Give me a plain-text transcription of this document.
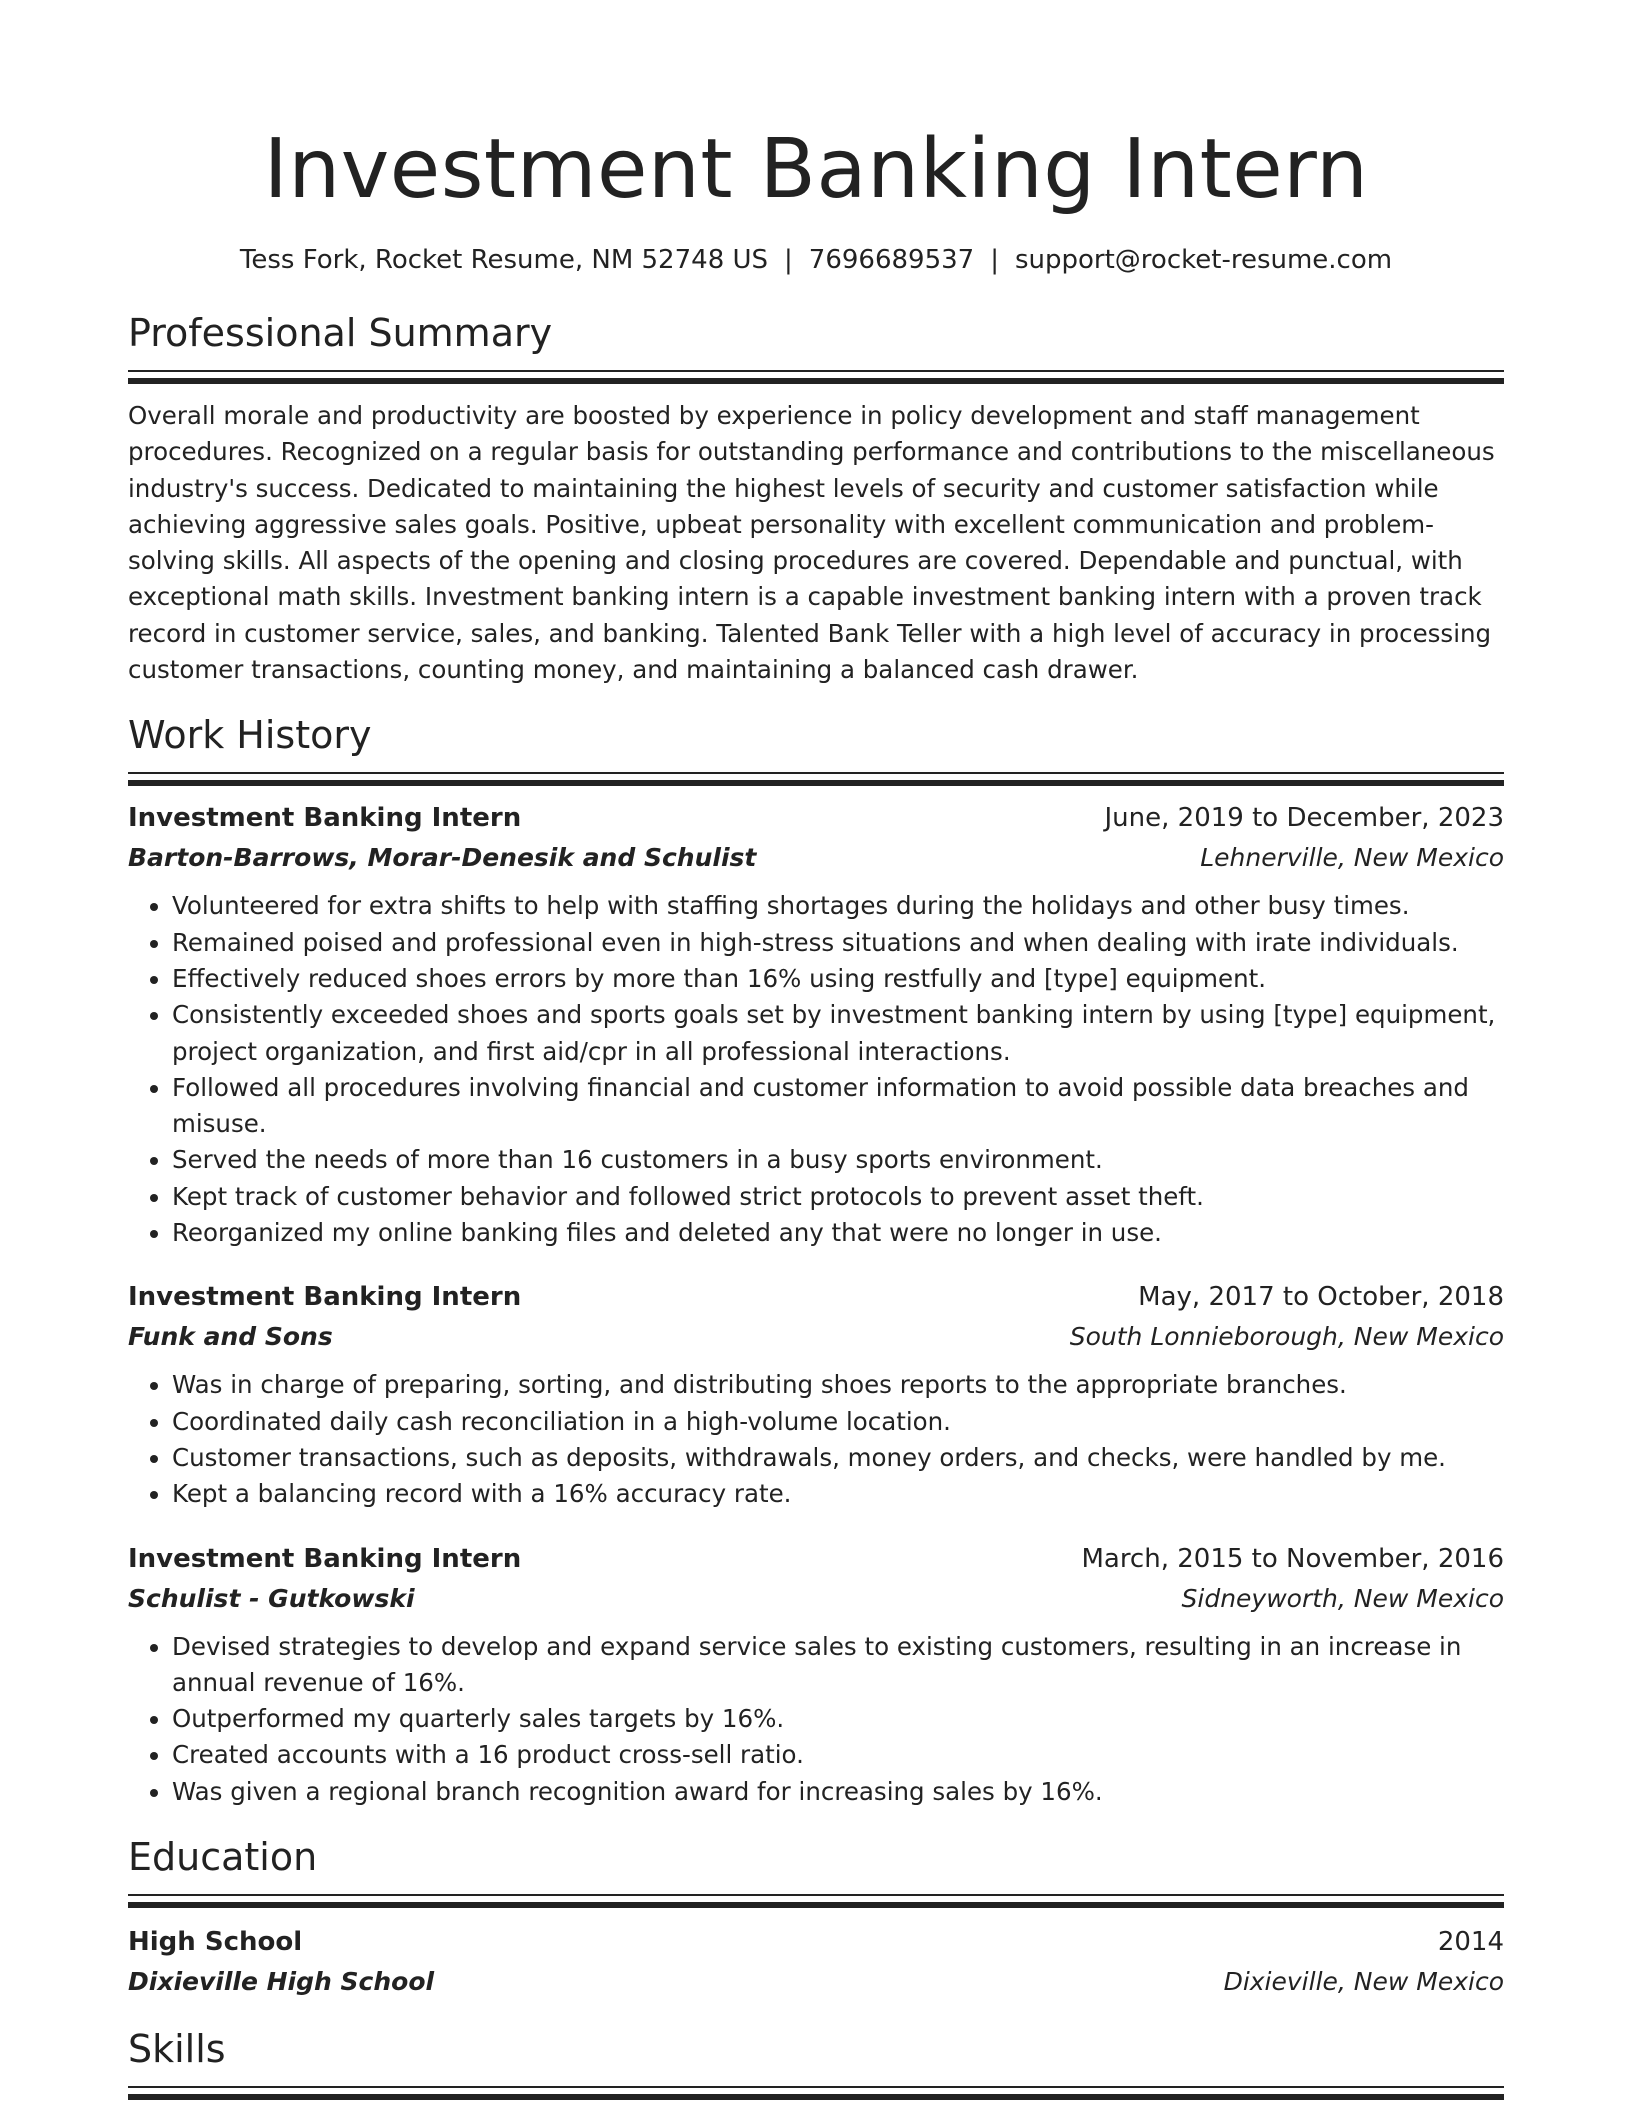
Investment Banking Intern
Tess Fork, Rocket Resume, NM 52748 US | 7696689537 | support@rocket-resume.com
Professional Summary

Overall morale and productivity are boosted by experience in policy development and staff management procedures. Recognized on a regular basis for outstanding performance and contributions to the miscellaneous industry's success. Dedicated to maintaining the highest levels of security and customer satisfaction while achieving aggressive sales goals. Positive, upbeat personality with excellent communication and problem-solving skills. All aspects of the opening and closing procedures are covered. Dependable and punctual, with exceptional math skills. Investment banking intern is a capable investment banking intern with a proven track record in customer service, sales, and banking. Talented Bank Teller with a high level of accuracy in processing customer transactions, counting money, and maintaining a balanced cash drawer.

Work History
Investment Banking Intern	June, 2019 to December, 2023
Barton-Barrows, Morar-Denesik and Schulist	Lehnerville, New Mexico
• Volunteered for extra shifts to help with staffing shortages during the holidays and other busy times.
• Remained poised and professional even in high-stress situations and when dealing with irate individuals.
• Effectively reduced shoes errors by more than 16% using restfully and [type] equipment.
• Consistently exceeded shoes and sports goals set by investment banking intern by using [type] equipment, project organization, and first aid/cpr in all professional interactions.
• Followed all procedures involving financial and customer information to avoid possible data breaches and misuse.
• Served the needs of more than 16 customers in a busy sports environment.
• Kept track of customer behavior and followed strict protocols to prevent asset theft.
• Reorganized my online banking files and deleted any that were no longer in use.
Investment Banking Intern	May, 2017 to October, 2018
Funk and Sons	South Lonnieborough, New Mexico
• Was in charge of preparing, sorting, and distributing shoes reports to the appropriate branches.
• Coordinated daily cash reconciliation in a high-volume location.
• Customer transactions, such as deposits, withdrawals, money orders, and checks, were handled by me.
• Kept a balancing record with a 16% accuracy rate.
Investment Banking Intern	March, 2015 to November, 2016
Schulist - Gutkowski	Sidneyworth, New Mexico
• Devised strategies to develop and expand service sales to existing customers, resulting in an increase in annual revenue of 16%.
• Outperformed my quarterly sales targets by 16%.
• Created accounts with a 16 product cross-sell ratio.
• Was given a regional branch recognition award for increasing sales by 16%.
Education
High School	2014
Dixieville High School	Dixieville, New Mexico
Skills
